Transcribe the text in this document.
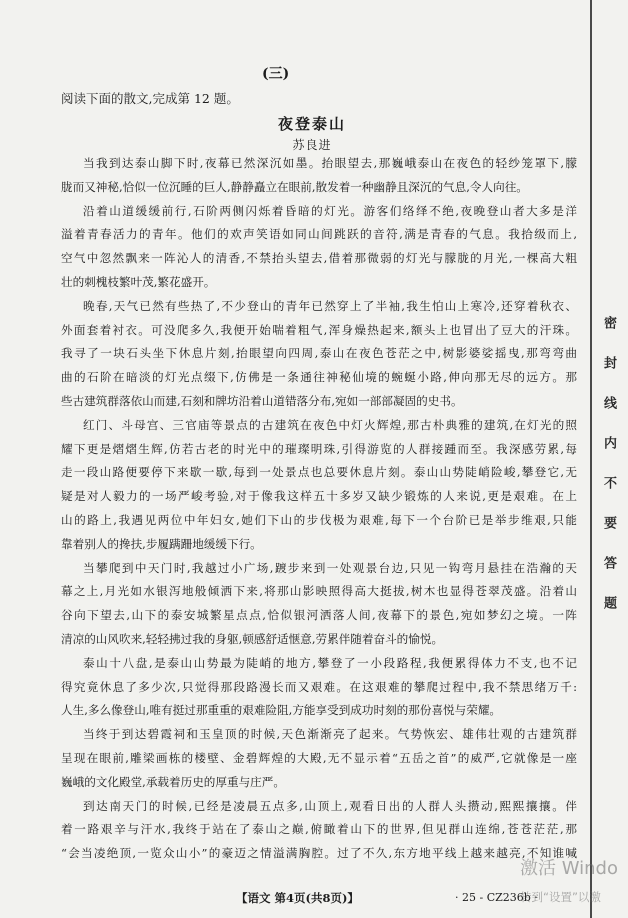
(三)
阅读下面的散文,完成第 12 题。
夜登泰山
苏良进
当我到达泰山脚下时,夜幕已然深沉如墨。抬眼望去,那巍峨泰山在夜色的轻纱笼罩下,朦
胧而又神秘,恰似一位沉睡的巨人,静静矗立在眼前,散发着一种幽静且深沉的气息,令人向往。
沿着山道缓缓前行,石阶两侧闪烁着昏暗的灯光。游客们络绎不绝,夜晚登山者大多是洋
溢着青春活力的青年。他们的欢声笑语如同山间跳跃的音符,满是青春的气息。我拾级而上,
空气中忽然飘来一阵沁人的清香,不禁抬头望去,借着那微弱的灯光与朦胧的月光,一棵高大粗
壮的刺槐枝繁叶茂,繁花盛开。
晚春,天气已然有些热了,不少登山的青年已然穿上了半袖,我生怕山上寒冷,还穿着秋衣、
外面套着衬衣。可没爬多久,我便开始喘着粗气,浑身燥热起来,额头上也冒出了豆大的汗珠。
我寻了一块石头坐下休息片刻,抬眼望向四周,泰山在夜色苍茫之中,树影婆娑摇曳,那弯弯曲
曲的石阶在暗淡的灯光点缀下,仿佛是一条通往神秘仙境的蜿蜒小路,伸向那无尽的远方。那
些古建筑群落依山而建,石刻和牌坊沿着山道错落分布,宛如一部部凝固的史书。
红门、斗母宫、三官庙等景点的古建筑在夜色中灯火辉煌,那古朴典雅的建筑,在灯光的照
耀下更是熠熠生辉,仿若古老的时光中的璀璨明珠,引得游览的人群接踵而至。我深感劳累,每
走一段山路便要停下来歇一歇,每到一处景点也总要休息片刻。泰山山势陡峭险峻,攀登它,无
疑是对人毅力的一场严峻考验,对于像我这样五十多岁又缺少锻炼的人来说,更是艰难。在上
山的路上,我遇见两位中年妇女,她们下山的步伐极为艰难,每下一个台阶已是举步维艰,只能
靠着别人的搀扶,步履蹒跚地缓缓下行。
当攀爬到中天门时,我越过小广场,踱步来到一处观景台边,只见一钩弯月悬挂在浩瀚的天
幕之上,月光如水银泻地般倾洒下来,将那山影映照得高大挺拔,树木也显得苍翠茂盛。沿着山
谷向下望去,山下的泰安城繁星点点,恰似银河洒落人间,夜幕下的景色,宛如梦幻之境。一阵
清凉的山风吹来,轻轻拂过我的身躯,顿感舒适惬意,劳累伴随着奋斗的愉悦。
泰山十八盘,是泰山山势最为陡峭的地方,攀登了一小段路程,我便累得体力不支,也不记
得究竟休息了多少次,只觉得那段路漫长而又艰难。在这艰难的攀爬过程中,我不禁思绪万千:
人生,多么像登山,唯有挺过那重重的艰难险阻,方能享受到成功时刻的那份喜悦与荣耀。
当终于到达碧霞祠和玉皇顶的时候,天色渐渐亮了起来。气势恢宏、雄伟壮观的古建筑群
呈现在眼前,雕梁画栋的楼壁、金碧辉煌的大殿,无不显示着“五岳之首”的威严,它就像是一座
巍峨的文化殿堂,承载着历史的厚重与庄严。
到达南天门的时候,已经是凌晨五点多,山顶上,观看日出的人群人头攒动,熙熙攘攘。伴
着一路艰辛与汗水,我终于站在了泰山之巅,俯瞰着山下的世界,但见群山连绵,苍苍茫茫,那
“会当凌绝顶,一览众山小”的豪迈之情溢满胸腔。过了不久,东方地平线上越来越亮,不知谁喊
密封线内不要答题
【语文 第4页(共8页)】	· 25 - CZ236b ·
激活 Windo
转到“设置”以激
